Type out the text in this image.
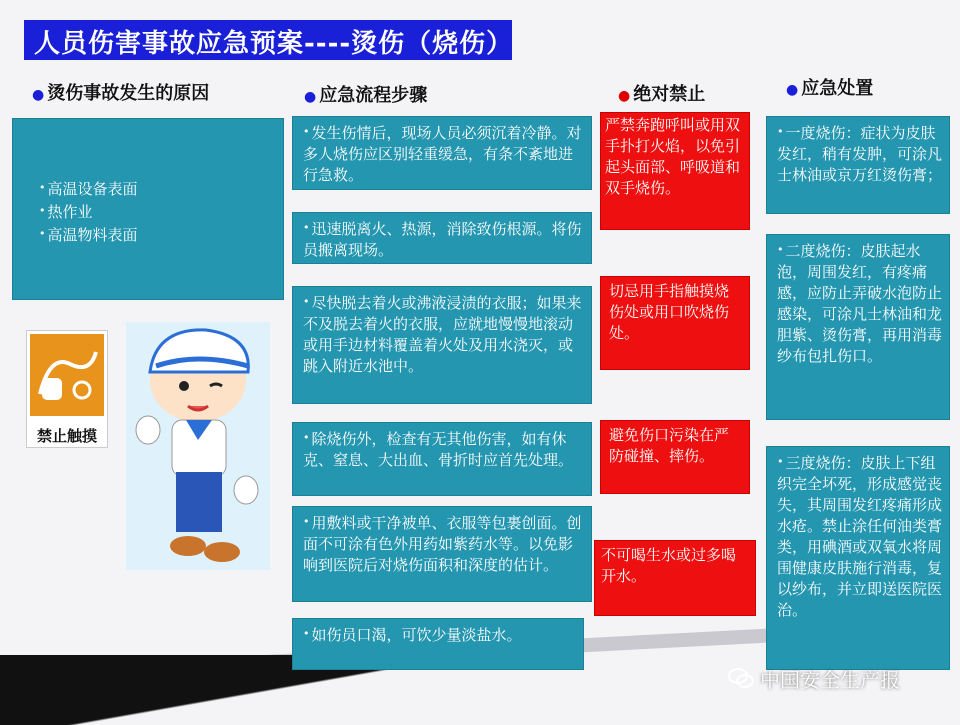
人员伤害事故应急预案----烫伤（烧伤）
● 烫伤事故发生的原因	● 应急流程步骤	● 绝对禁止	● 应急处置
• 高温设备表面
• 热作业
• 高温物料表面
禁止触摸
• 发生伤情后，现场人员必须沉着冷静。对多人烧伤应区别轻重缓急，有条不紊地进行急救。
• 迅速脱离火、热源，消除致伤根源。将伤员搬离现场。
• 尽快脱去着火或沸液浸渍的衣服；如果来不及脱去着火的衣服，应就地慢慢地滚动或用手边材料覆盖着火处及用水浇灭，或跳入附近水池中。
• 除烧伤外，检查有无其他伤害，如有休克、窒息、大出血、骨折时应首先处理。
• 用敷料或干净被单、衣服等包裹创面。创面不可涂有色外用药如紫药水等。以免影响到医院后对烧伤面积和深度的估计。
• 如伤员口渴，可饮少量淡盐水。
严禁奔跑呼叫或用双手扑打火焰，以免引起头面部、呼吸道和双手烧伤。
切忌用手指触摸烧伤处或用口吹烧伤处。
避免伤口污染在严防碰撞、摔伤。
不可喝生水或过多喝开水。
• 一度烧伤：症状为皮肤发红，稍有发肿，可涂凡士林油或京万红烫伤膏；
• 二度烧伤：皮肤起水泡，周围发红，有疼痛感，应防止弄破水泡防止感染，可涂凡士林油和龙胆紫、烫伤膏，再用消毒纱布包扎伤口。
• 三度烧伤：皮肤上下组织完全坏死，形成感觉丧失，其周围发红疼痛形成水疮。禁止涂任何油类膏类，用碘酒或双氧水将周围健康皮肤施行消毒，复以纱布，并立即送医院医治。
中国安全生产报
